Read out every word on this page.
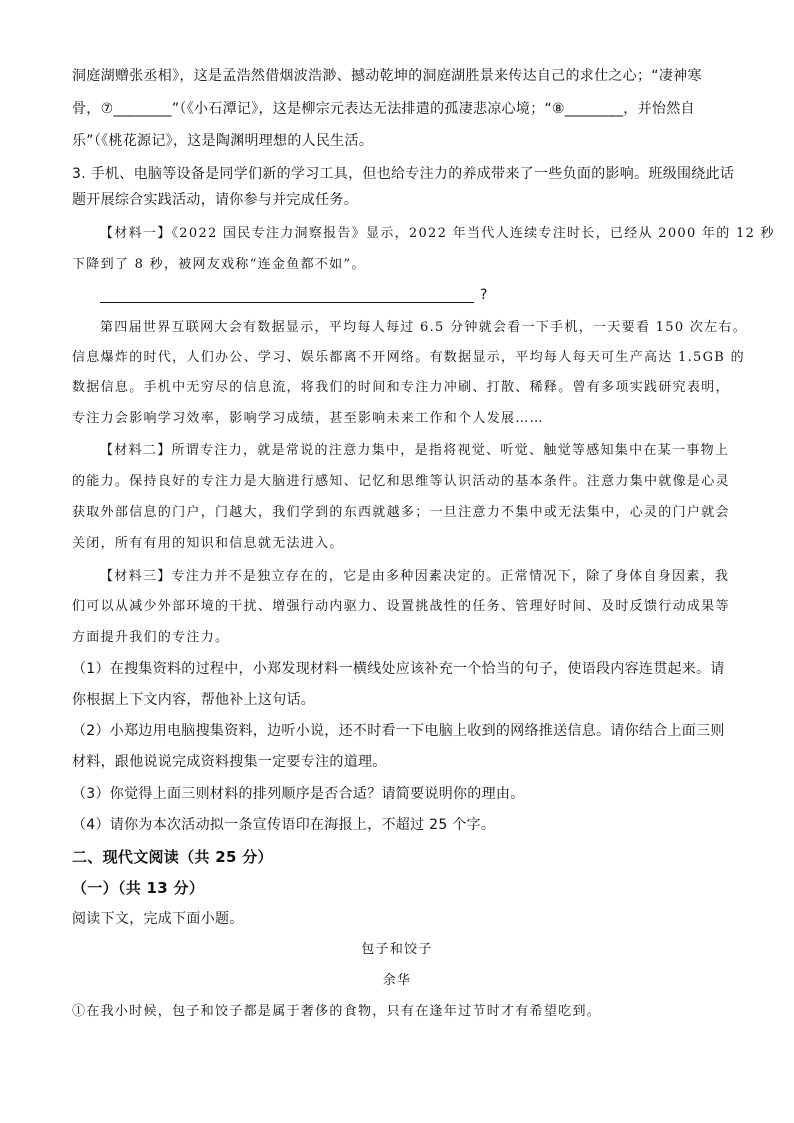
洞庭湖赠张丞相》，这是孟浩然借烟波浩渺、撼动乾坤的洞庭湖胜景来传达自己的求仕之心；“凄神寒
骨，⑦________”（《小石潭记》，这是柳宗元表达无法排遣的孤凄悲凉心境；“⑧________，并怡然自
乐”（《桃花源记》，这是陶渊明理想的人民生活。
3. 手机、电脑等设备是同学们新的学习工具，但也给专注力的养成带来了一些负面的影响。班级围绕此话
题开展综合实践活动，请你参与并完成任务。
【材料一】《2022 国民专注力洞察报告》显示，2022 年当代人连续专注时长，已经从 2000 年的 12 秒
下降到了 8 秒，被网友戏称“连金鱼都不如”。
?
第四届世界互联网大会有数据显示，平均每人每过 6.5 分钟就会看一下手机，一天要看 150 次左右。
信息爆炸的时代，人们办公、学习、娱乐都离不开网络。有数据显示，平均每人每天可生产高达 1.5GB 的
数据信息。手机中无穷尽的信息流，将我们的时间和专注力冲刷、打散、稀释。曾有多项实践研究表明，
专注力会影响学习效率，影响学习成绩，甚至影响未来工作和个人发展……
【材料二】所谓专注力，就是常说的注意力集中，是指将视觉、听觉、触觉等感知集中在某一事物上
的能力。保持良好的专注力是大脑进行感知、记忆和思维等认识活动的基本条件。注意力集中就像是心灵
获取外部信息的门户，门越大，我们学到的东西就越多；一旦注意力不集中或无法集中，心灵的门户就会
关闭，所有有用的知识和信息就无法进入。
【材料三】专注力并不是独立存在的，它是由多种因素决定的。正常情况下，除了身体自身因素，我
们可以从减少外部环境的干扰、增强行动内驱力、设置挑战性的任务、管理好时间、及时反馈行动成果等
方面提升我们的专注力。
（1）在搜集资料的过程中，小郑发现材料一横线处应该补充一个恰当的句子，使语段内容连贯起来。请
你根据上下文内容，帮他补上这句话。
（2）小郑边用电脑搜集资料，边听小说，还不时看一下电脑上收到的网络推送信息。请你结合上面三则
材料，跟他说说完成资料搜集一定要专注的道理。
（3）你觉得上面三则材料的排列顺序是否合适？请简要说明你的理由。
（4）请你为本次活动拟一条宣传语印在海报上，不超过 25 个字。
二、现代文阅读（共 25 分）
（一）（共 13 分）
阅读下文，完成下面小题。
包子和饺子
余华
①在我小时候，包子和饺子都是属于奢侈的食物，只有在逢年过节时才有希望吃到。
